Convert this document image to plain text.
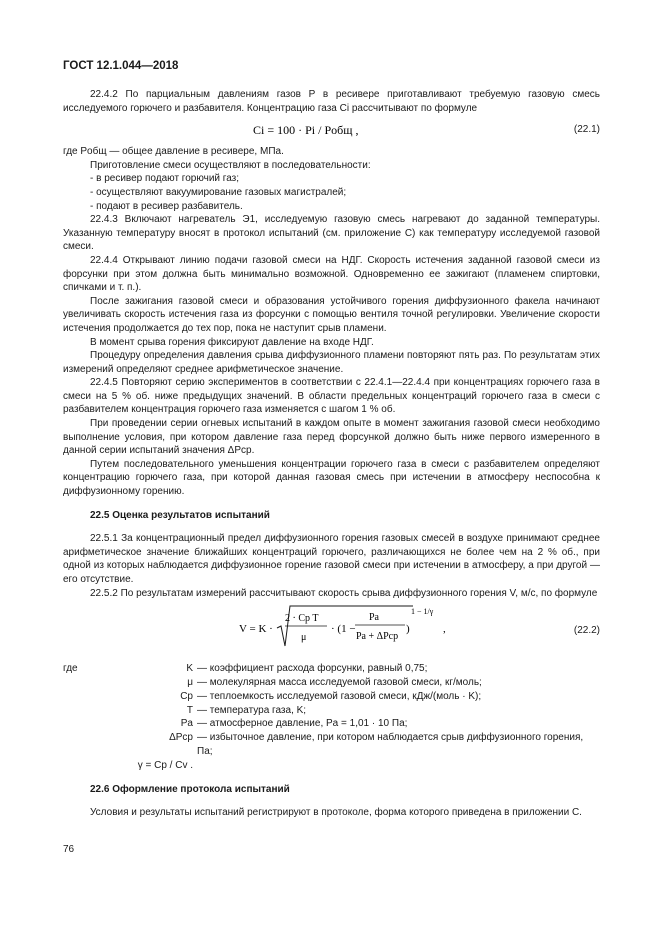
ГОСТ 12.1.044—2018

22.4.2 По парциальным давлениям газов P в ресивере приготавливают требуемую газовую смесь исследуемого горючего и разбавителя. Концентрацию газа Ci рассчитывают по формуле

Ci = 100 · Pi / Pобщ ,	(22.1)

где Pобщ — общее давление в ресивере, МПа.

Приготовление смеси осуществляют в последовательности:

- в ресивер подают горючий газ;

- осуществляют вакуумирование газовых магистралей;

- подают в ресивер разбавитель.

22.4.3 Включают нагреватель Э1, исследуемую газовую смесь нагревают до заданной температуры. Указанную температуру вносят в протокол испытаний (см. приложение С) как температуру исследуемой газовой смеси.

22.4.4 Открывают линию подачи газовой смеси на НДГ. Скорость истечения заданной газовой смеси из форсунки при этом должна быть минимально возможной. Одновременно ее зажигают (пламенем спиртовки, спичками и т. п.).

После зажигания газовой смеси и образования устойчивого горения диффузионного факела начинают увеличивать скорость истечения газа из форсунки с помощью вентиля точной регулировки. Увеличение скорости истечения продолжается до тех пор, пока не наступит срыв пламени.

В момент срыва горения фиксируют давление на входе НДГ.

Процедуру определения давления срыва диффузионного пламени повторяют пять раз. По результатам этих измерений определяют среднее арифметическое значение.

22.4.5 Повторяют серию экспериментов в соответствии с 22.4.1—22.4.4 при концентрациях горючего газа в смеси на 5 % об. ниже предыдущих значений. В области предельных концентраций горючего газа в смеси с разбавителем концентрация горючего газа изменяется с шагом 1 % об.

При проведении серии огневых испытаний в каждом опыте в момент зажигания газовой смеси необходимо выполнение условия, при котором давление газа перед форсункой должно быть ниже первого измеренного в данной серии испытаний значения ΔPср.

Путем последовательного уменьшения концентрации горючего газа в смеси с разбавителем определяют концентрацию горючего газа, при которой данная газовая смесь при истечении в атмосферу неспособна к диффузионному горению.

22.5 Оценка результатов испытаний

22.5.1 За концентрационный предел диффузионного горения газовых смесей в воздухе принимают среднее арифметическое значение ближайших концентраций горючего, различающихся не более чем на 2 % об., при одной из которых наблюдается диффузионное горение газовой смеси при истечении в атмосферу, а при другой — его отсутствие.

22.5.2 По результатам измерений рассчитывают скорость срыва диффузионного горения V, м/с, по формуле

V = K ·
2 · Cp T
μ
· (1 −
Pa
Pa + ΔPср
)
1 − 1/γ
,	(22.2)
где	K — коэффициент расхода форсунки, равный 0,75;
μ — молекулярная масса исследуемой газовой смеси, кг/моль;
Cp — теплоемкость исследуемой газовой смеси, кДж/(моль · K);
T — температура газа, K;
Pa — атмосферное давление, Pa = 1,01 · 10 Па;
ΔPср — избыточное давление, при котором наблюдается срыв диффузионного горения, Па;
γ = Cp / Cv .

22.6 Оформление протокола испытаний

Условия и результаты испытаний регистрируют в протоколе, форма которого приведена в приложении С.

76
